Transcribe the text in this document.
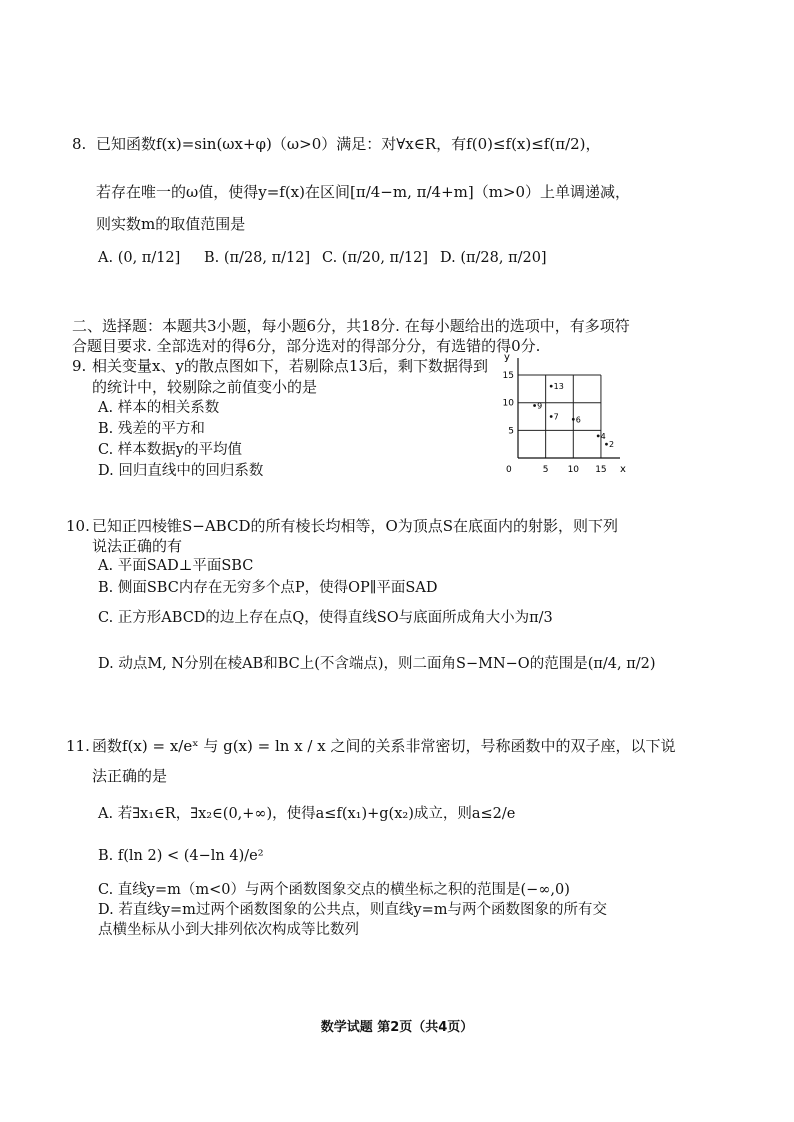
8. 已知函数f(x)=sin(ωx+φ)（ω>0）满足：对∀x∈R，有f(0)≤f(x)≤f(π/2)，
若存在唯一的ω值，使得y=f(x)在区间[π/4−m, π/4+m]（m>0）上单调递减，
则实数m的取值范围是
A. (0, π/12] B. (π/28, π/12] C. (π/20, π/12] D. (π/28, π/20]
二、选择题：本题共3小题，每小题6分，共18分. 在每小题给出的选项中，有多项符
合题目要求. 全部选对的得6分，部分选对的得部分分，有选错的得0分.
9. 相关变量x、y的散点图如下，若剔除点13后，剩下数据得到
的统计中，较剔除之前值变小的是
A. 样本的相关系数
B. 残差的平方和
C. 样本数据y的平均值
D. 回归直线中的回归系数
13
9
7 6
4
2
x
y
0	5 10 15
5
10
15
10. 已知正四棱锥S−ABCD的所有棱长均相等，O为顶点S在底面内的射影，则下列
说法正确的有
A. 平面SAD⊥平面SBC
B. 侧面SBC内存在无穷多个点P，使得OP∥平面SAD
C. 正方形ABCD的边上存在点Q，使得直线SO与底面所成角大小为π/3
D. 动点M, N分别在棱AB和BC上(不含端点)，则二面角S−MN−O的范围是(π/4, π/2)
11. 函数f(x) = x/eˣ 与 g(x) = ln x / x 之间的关系非常密切，号称函数中的双子座，以下说
法正确的是
A. 若∃x₁∈R，∃x₂∈(0,+∞)，使得a≤f(x₁)+g(x₂)成立，则a≤2/e
B. f(ln 2) < (4−ln 4)/e²
C. 直线y=m（m<0）与两个函数图象交点的横坐标之积的范围是(−∞,0)
D. 若直线y=m过两个函数图象的公共点，则直线y=m与两个函数图象的所有交
点横坐标从小到大排列依次构成等比数列
数学试题 第2页（共4页）
